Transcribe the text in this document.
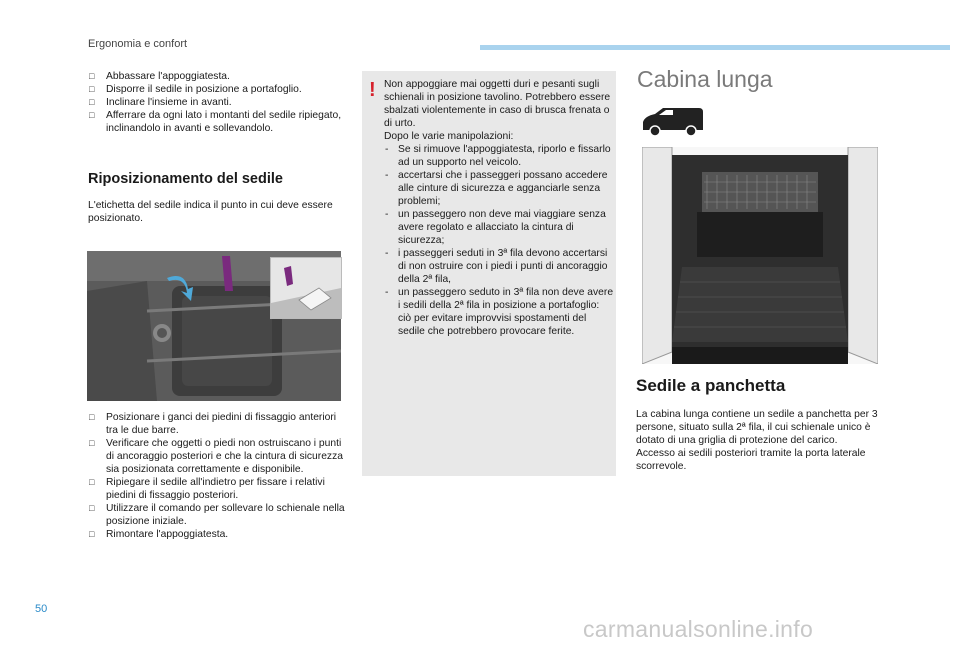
Ergonomia e confort
□ Abbassare l'appoggiatesta.
□ Disporre il sedile in posizione a portafoglio.
□ Inclinare l'insieme in avanti.
□ Afferrare da ogni lato i montanti del sedile ripiegato, inclinandolo in avanti e sollevandolo.
Riposizionamento del sedile
L'etichetta del sedile indica il punto in cui deve essere posizionato.
□ Posizionare i ganci dei piedini di fissaggio anteriori tra le due barre.
□ Verificare che oggetti o piedi non ostruiscano i punti di ancoraggio posteriori e che la cintura di sicurezza sia posizionata correttamente e disponibile.
□ Ripiegare il sedile all'indietro per fissare i relativi piedini di fissaggio posteriori.
□ Utilizzare il comando per sollevare lo schienale nella posizione iniziale.
□ Rimontare l'appoggiatesta.
! Non appoggiare mai oggetti duri e pesanti sugli schienali in posizione tavolino. Potrebbero essere sbalzati violentemente in caso di brusca frenata o di urto.
Dopo le varie manipolazioni:
- Se si rimuove l'appoggiatesta, riporlo e fissarlo ad un supporto nel veicolo.
- accertarsi che i passeggeri possano accedere alle cinture di sicurezza e agganciarle senza problemi;
- un passeggero non deve mai viaggiare senza avere regolato e allacciato la cintura di sicurezza;
- i passeggeri seduti in 3ª fila devono accertarsi di non ostruire con i piedi i punti di ancoraggio della 2ª fila,
- un passeggero seduto in 3ª fila non deve avere i sedili della 2ª fila in posizione a portafoglio: ciò per evitare improvvisi spostamenti del sedile che potrebbero provocare ferite.
Cabina lunga
Sedile a panchetta
La cabina lunga contiene un sedile a panchetta per 3 persone, situato sulla 2ª fila, il cui schienale unico è dotato di una griglia di protezione del carico.
Accesso ai sedili posteriori tramite la porta laterale scorrevole.
50
carmanualsonline.info
